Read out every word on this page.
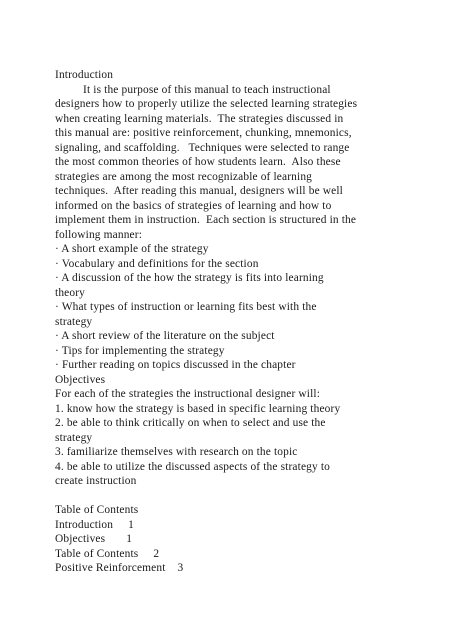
Introduction
It is the purpose of this manual to teach instructional
designers how to properly utilize the selected learning strategies
when creating learning materials.  The strategies discussed in
this manual are: positive reinforcement, chunking, mnemonics,
signaling, and scaffolding.   Techniques were selected to range
the most common theories of how students learn.  Also these
strategies are among the most recognizable of learning
techniques.  After reading this manual, designers will be well
informed on the basics of strategies of learning and how to
implement them in instruction.  Each section is structured in the
following manner:
· A short example of the strategy
· Vocabulary and definitions for the section
· A discussion of the how the strategy is fits into learning
theory
· What types of instruction or learning fits best with the
strategy
· A short review of the literature on the subject
· Tips for implementing the strategy
· Further reading on topics discussed in the chapter
Objectives
For each of the strategies the instructional designer will:
1. know how the strategy is based in specific learning theory
2. be able to think critically on when to select and use the
strategy
3. familiarize themselves with research on the topic
4. be able to utilize the discussed aspects of the strategy to
create instruction
Table of Contents
Introduction     1
Objectives       1
Table of Contents     2
Positive Reinforcement    3
